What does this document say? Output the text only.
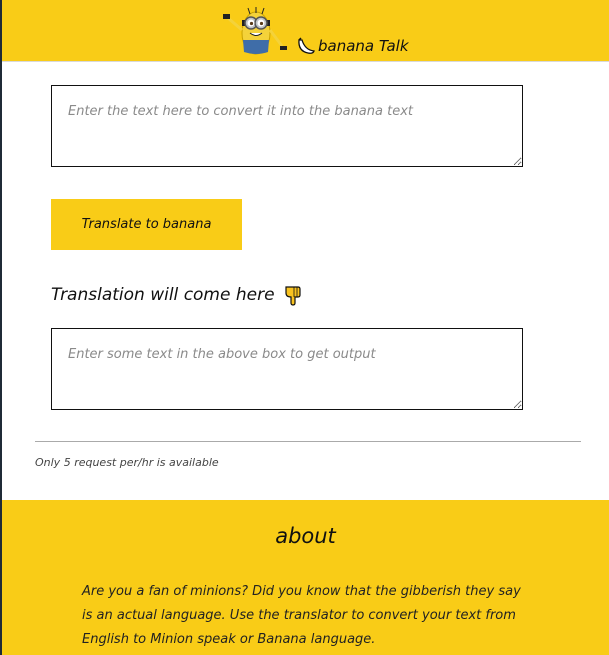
banana Talk
Enter the text here to convert it into the banana text
Translate to banana
Translation will come here
Enter some text in the above box to get output
Only 5 request per/hr is available
about

Are you a fan of minions? Did you know that the gibberish they say is an actual language. Use the translator to convert your text from English to Minion speak or Banana language.
